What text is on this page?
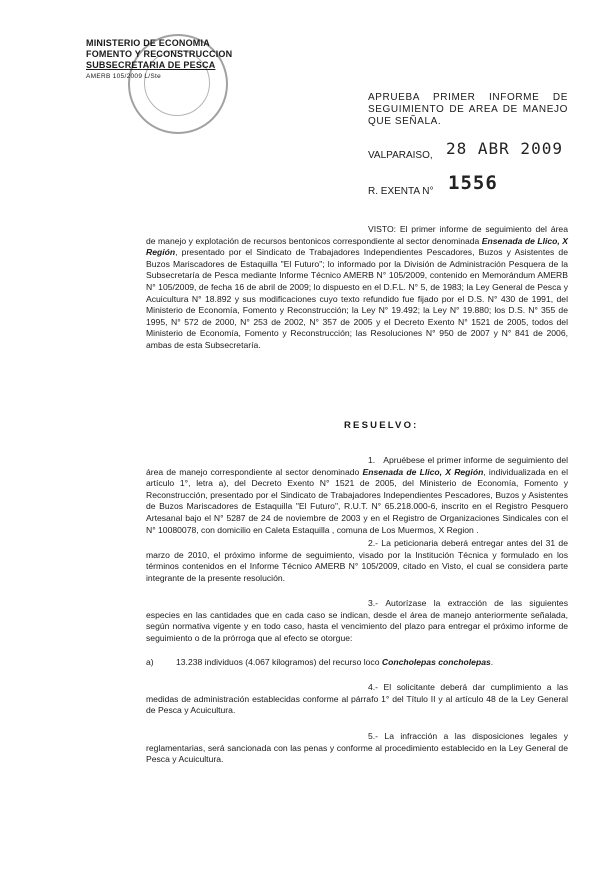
MINISTERIO DE ECONOMIA
FOMENTO Y RECONSTRUCCION
SUBSECRETARIA DE PESCA
AMERB 105/2009 L/Ste
APRUEBA PRIMER INFORME DE SEGUIMIENTO DE AREA DE MANEJO QUE SEÑALA.
VALPARAISO, 28 ABR 2009
R. EXENTA N° 1556
VISTO: El primer informe de seguimiento del área de manejo y explotación de recursos bentonicos correspondiente al sector denominada Ensenada de Llico, X Región, presentado por el Sindicato de Trabajadores Independientes Pescadores, Buzos y Asistentes de Buzos Mariscadores de Estaquilla "El Futuro"; lo informado por la División de Administración Pesquera de la Subsecretaría de Pesca mediante Informe Técnico AMERB N° 105/2009, contenido en Memorándum AMERB N° 105/2009, de fecha 16 de abril de 2009; lo dispuesto en el D.F.L. N° 5, de 1983; la Ley General de Pesca y Acuicultura N° 18.892 y sus modificaciones cuyo texto refundido fue fijado por el D.S. N° 430 de 1991, del Ministerio de Economía, Fomento y Reconstrucción; la Ley N° 19.492; la Ley N° 19.880; los D.S. N° 355 de 1995, N° 572 de 2000, N° 253 de 2002, N° 357 de 2005 y el Decreto Exento N° 1521 de 2005, todos del Ministerio de Economía, Fomento y Reconstrucción; las Resoluciones N° 950 de 2007 y N° 841 de 2006, ambas de esta Subsecretaría.
RESUELVO:
1. Apruébese el primer informe de seguimiento del área de manejo correspondiente al sector denominado Ensenada de Llico, X Región, individualizada en el artículo 1°, letra a), del Decreto Exento N° 1521 de 2005, del Ministerio de Economía, Fomento y Reconstrucción, presentado por el Sindicato de Trabajadores Independientes Pescadores, Buzos y Asistentes de Buzos Mariscadores de Estaquilla "El Futuro", R.U.T. N° 65.218.000-6, inscrito en el Registro Pesquero Artesanal bajo el N° 5287 de 24 de noviembre de 2003 y en el Registro de Organizaciones Sindicales con el N° 10080078, con domicilio en Caleta Estaquilla , comuna de Los Muermos, X Region .
2.- La peticionaria deberá entregar antes del 31 de marzo de 2010, el próximo informe de seguimiento, visado por la Institución Técnica y formulado en los términos contenidos en el Informe Técnico AMERB N° 105/2009, citado en Visto, el cual se considera parte integrante de la presente resolución.
3.- Autorízase la extracción de las siguientes especies en las cantidades que en cada caso se indican, desde el área de manejo anteriormente señalada, según normativa vigente y en todo caso, hasta el vencimiento del plazo para entregar el próximo informe de seguimiento o de la prórroga que al efecto se otorgue:
a)	13.238 individuos (4.067 kilogramos) del recurso loco Concholepas concholepas.
4.- El solicitante deberá dar cumplimiento a las medidas de administración establecidas conforme al párrafo 1° del Título II y al artículo 48 de la Ley General de Pesca y Acuicultura.
5.- La infracción a las disposiciones legales y reglamentarias, será sancionada con las penas y conforme al procedimiento establecido en la Ley General de Pesca y Acuicultura.
